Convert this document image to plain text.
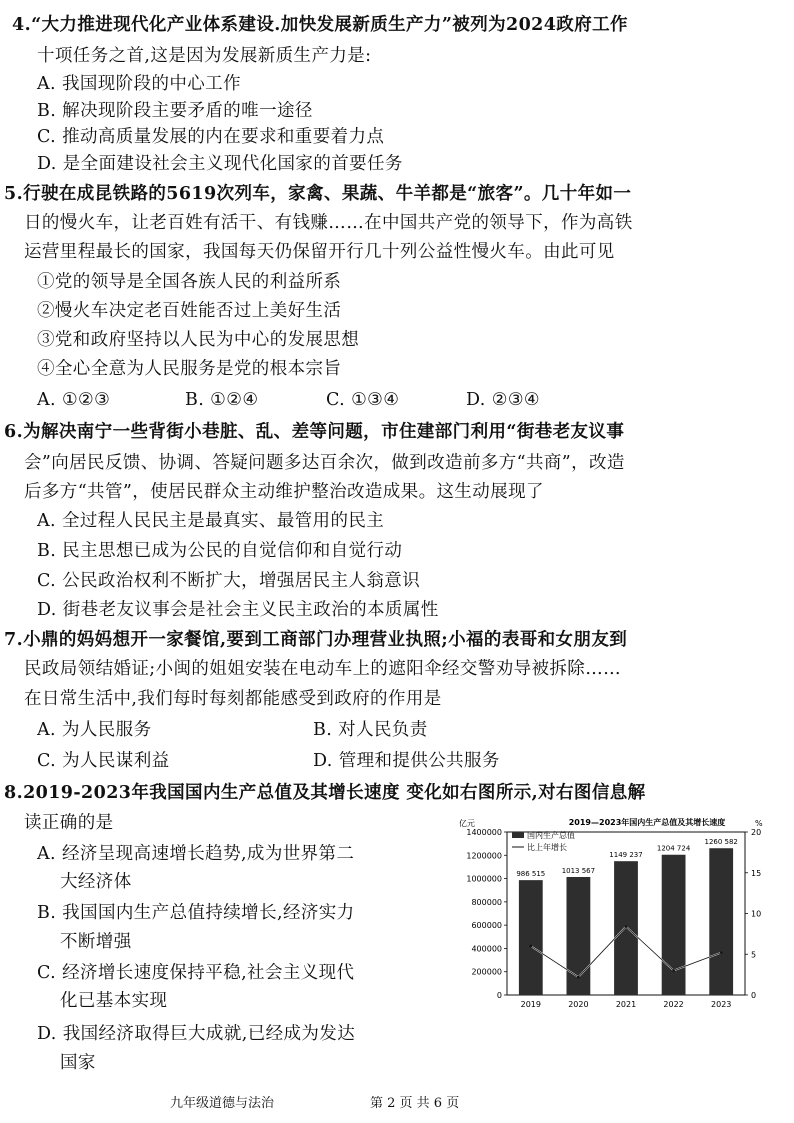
4.“大力推进现代化产业体系建设.加快发展新质生产力”被列为2024政府工作
十项任务之首,这是因为发展新质生产力是:
A. 我国现阶段的中心工作
B. 解决现阶段主要矛盾的唯一途径
C. 推动高质量发展的内在要求和重要着力点
D. 是全面建设社会主义现代化国家的首要任务
5.行驶在成昆铁路的5619次列车，家禽、果蔬、牛羊都是“旅客”。几十年如一
日的慢火车，让老百姓有活干、有钱赚……在中国共产党的领导下，作为高铁
运营里程最长的国家，我国每天仍保留开行几十列公益性慢火车。由此可见
①党的领导是全国各族人民的利益所系
②慢火车决定老百姓能否过上美好生活
③党和政府坚持以人民为中心的发展思想
④全心全意为人民服务是党的根本宗旨
A. ①②③	B. ①②④	C. ①③④	D. ②③④
6.为解决南宁一些背街小巷脏、乱、差等问题，市住建部门利用“街巷老友议事
会”向居民反馈、协调、答疑问题多达百余次，做到改造前多方“共商”，改造
后多方“共管”，使居民群众主动维护整治改造成果。这生动展现了
A. 全过程人民民主是最真实、最管用的民主
B. 民主思想已成为公民的自觉信仰和自觉行动
C. 公民政治权利不断扩大，增强居民主人翁意识
D. 街巷老友议事会是社会主义民主政治的本质属性
7.小鼎的妈妈想开一家餐馆,要到工商部门办理营业执照;小福的表哥和女朋友到
民政局领结婚证;小闽的姐姐安装在电动车上的遮阳伞经交警劝导被拆除……
在日常生活中,我们每时每刻都能感受到政府的作用是
A. 为人民服务	B. 对人民负责
C. 为人民谋利益	D. 管理和提供公共服务
8.2019-2023年我国国内生产总值及其增长速度 变化如右图所示,对右图信息解
读正确的是
A. 经济呈现高速增长趋势,成为世界第二
大经济体
B. 我国国内生产总值持续增长,经济实力
不断增强
C. 经济增长速度保持平稳,社会主义现代
化已基本实现
D. 我国经济取得巨大成就,已经成为发达
国家
2019—2023年国内生产总值及其增长速度
亿元	%
0
200000
400000
600000
800000
1000000
1200000
1400000
0
5
10
15
20
986 515
2019
1013 567
2020
1149 237
2021
1204 724
2022
1260 582
2023
国内生产总值
比上年增长
九年级道德与法治	第 2 页 共 6 页
